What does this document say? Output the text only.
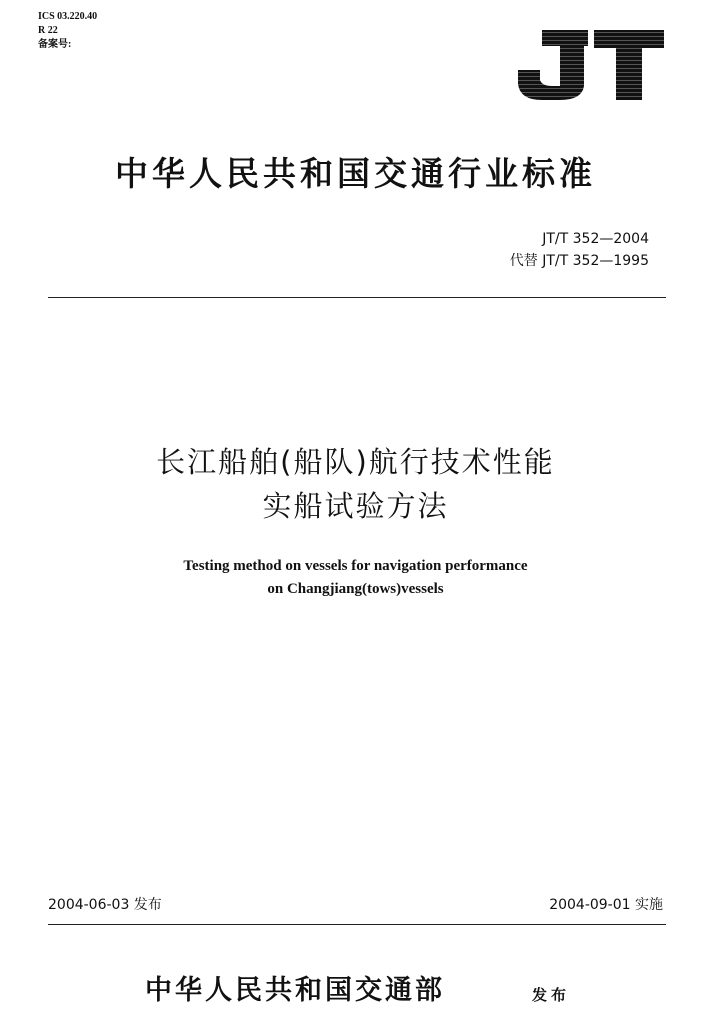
ICS 03.220.40
R 22
备案号:
中华人民共和国交通行业标准
JT/T 352—2004
代替 JT/T 352—1995
长江船舶(船队)航行技术性能
实船试验方法
Testing method on vessels for navigation performance
on Changjiang(tows)vessels
2004-06-03 发布	2004-09-01 实施
中华人民共和国交通部	发布
